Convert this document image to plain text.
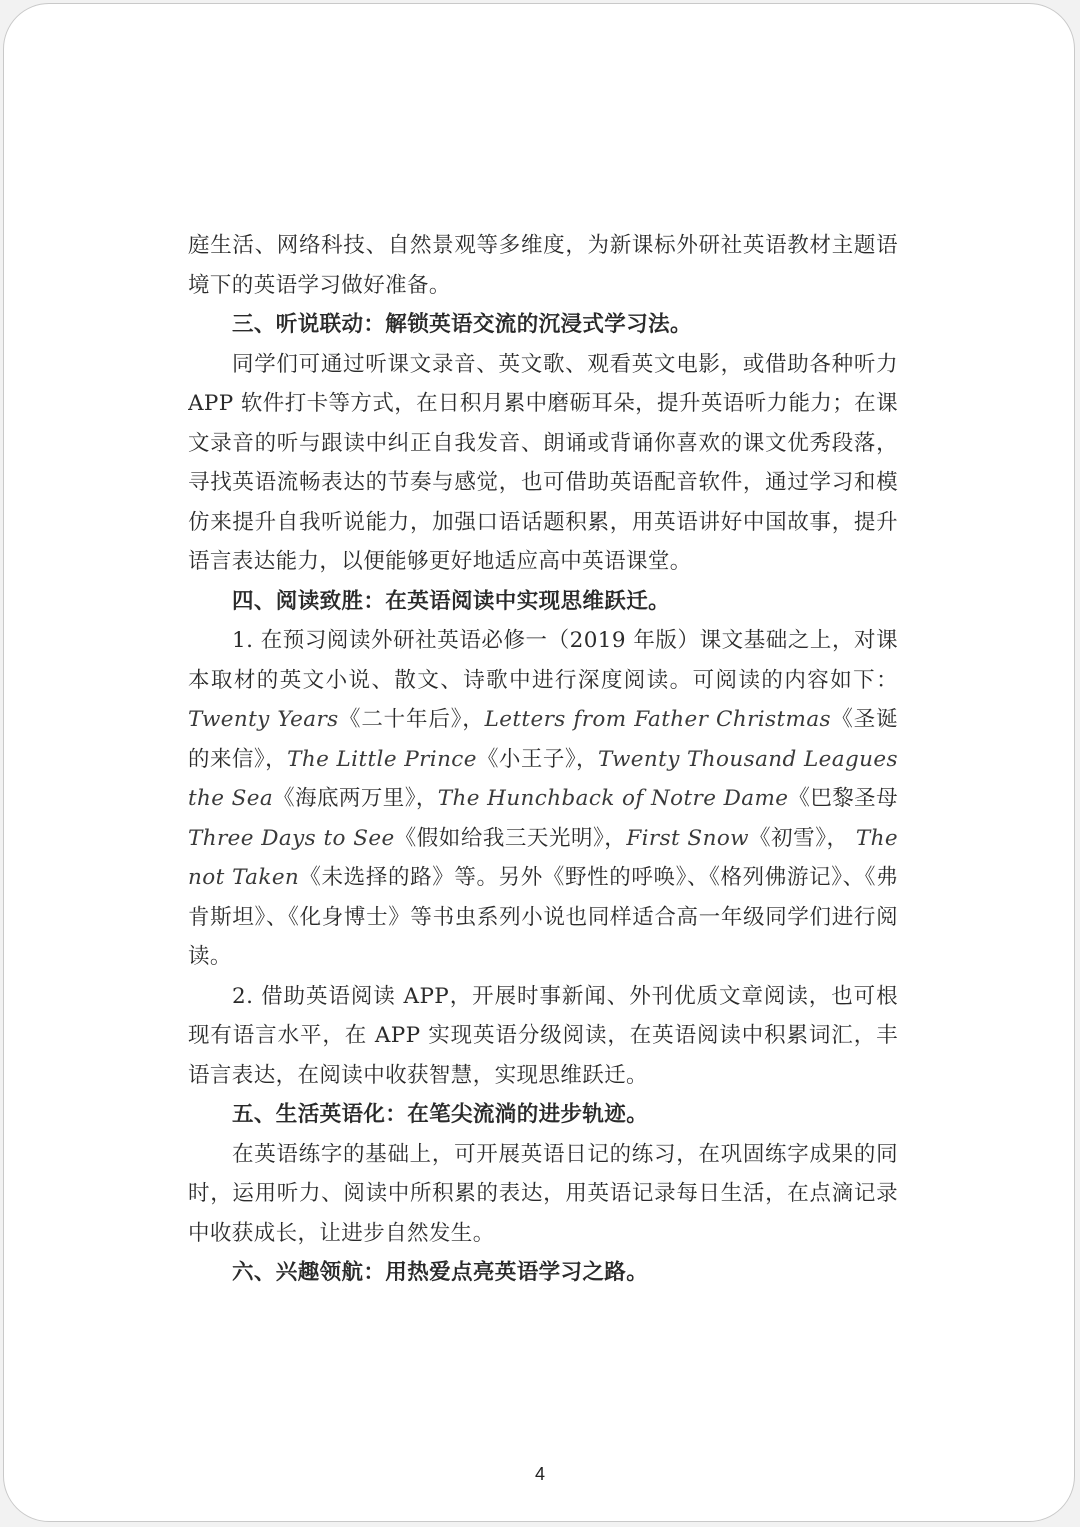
庭生活、网络科技、自然景观等多维度，为新课标外研社英语教材主题语
境下的英语学习做好准备。
三、听说联动：解锁英语交流的沉浸式学习法。
同学们可通过听课文录音、英文歌、观看英文电影，或借助各种听力
APP 软件打卡等方式，在日积月累中磨砺耳朵，提升英语听力能力；在课
文录音的听与跟读中纠正自我发音、朗诵或背诵你喜欢的课文优秀段落，
寻找英语流畅表达的节奏与感觉，也可借助英语配音软件，通过学习和模
仿来提升自我听说能力，加强口语话题积累，用英语讲好中国故事，提升
语言表达能力，以便能够更好地适应高中英语课堂。
四、阅读致胜：在英语阅读中实现思维跃迁。
1. 在预习阅读外研社英语必修一（2019 年版）课文基础之上，对课
本取材的英文小说、散文、诗歌中进行深度阅读。可阅读的内容如下：
Twenty Years《二十年后》，Letters from Father Christmas《圣诞
的来信》，The Little Prince《小王子》，Twenty Thousand Leagues
the Sea《海底两万里》，The Hunchback of Notre Dame《巴黎圣母
Three Days to See《假如给我三天光明》，First Snow《初雪》， The
not Taken《未选择的路》等。另外《野性的呼唤》、《格列佛游记》、《弗
肯斯坦》、《化身博士》等书虫系列小说也同样适合高一年级同学们进行阅
读。
2. 借助英语阅读 APP，开展时事新闻、外刊优质文章阅读，也可根
现有语言水平，在 APP 实现英语分级阅读，在英语阅读中积累词汇，丰
语言表达，在阅读中收获智慧，实现思维跃迁。
五、生活英语化：在笔尖流淌的进步轨迹。
在英语练字的基础上，可开展英语日记的练习，在巩固练字成果的同
时，运用听力、阅读中所积累的表达，用英语记录每日生活，在点滴记录
中收获成长，让进步自然发生。
六、兴趣领航：用热爱点亮英语学习之路。
4
